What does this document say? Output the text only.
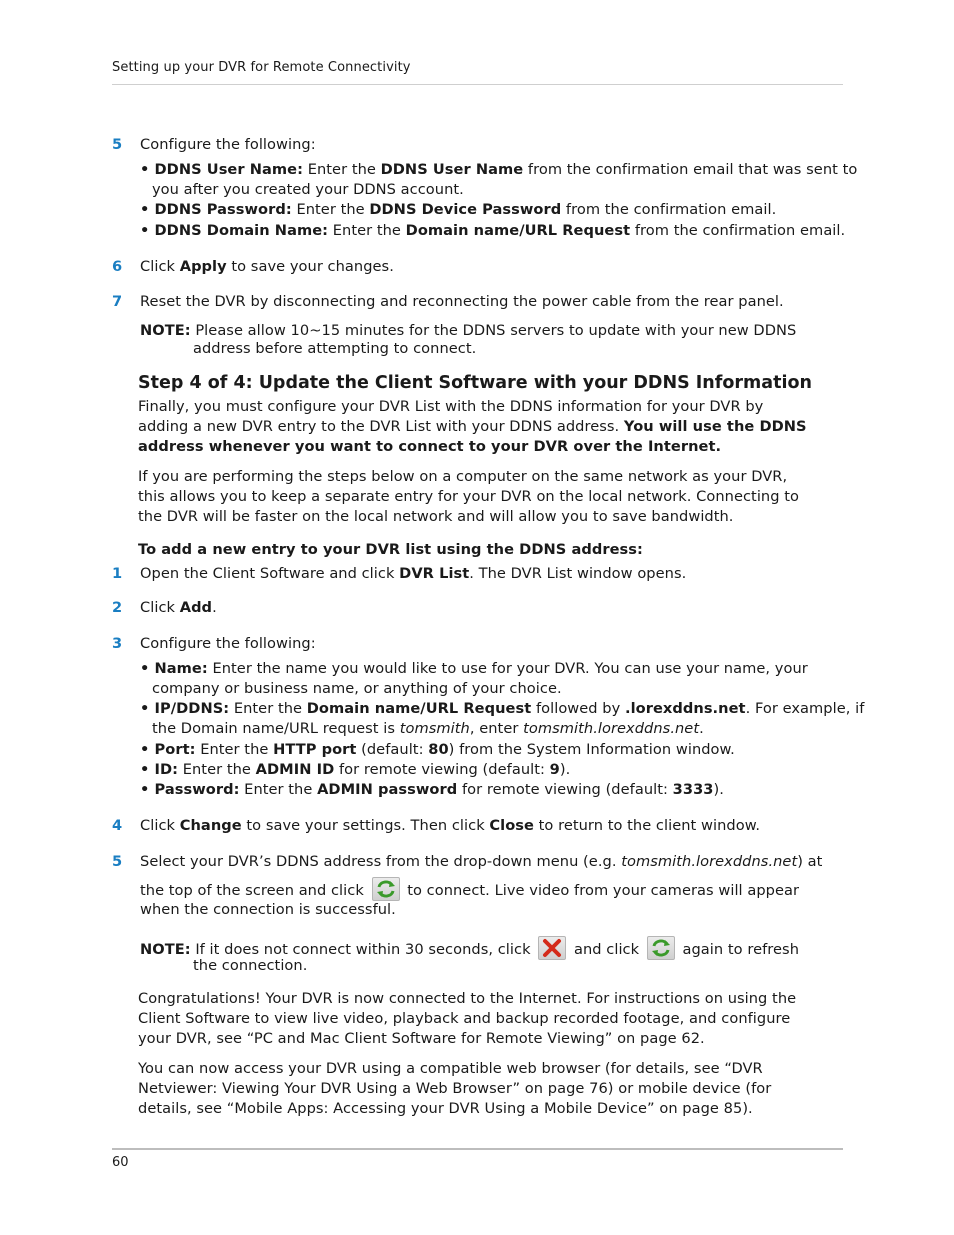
Setting up your DVR for Remote Connectivity
5 Configure the following:
• DDNS User Name: Enter the DDNS User Name from the confirmation email that was sent to
you after you created your DDNS account.
• DDNS Password: Enter the DDNS Device Password from the confirmation email.
• DDNS Domain Name: Enter the Domain name/URL Request from the confirmation email.
6 Click Apply to save your changes.
7 Reset the DVR by disconnecting and reconnecting the power cable from the rear panel.
NOTE: Please allow 10~15 minutes for the DDNS servers to update with your new DDNS
address before attempting to connect.
Step 4 of 4: Update the Client Software with your DDNS Information
Finally, you must configure your DVR List with the DDNS information for your DVR by
adding a new DVR entry to the DVR List with your DDNS address. You will use the DDNS
address whenever you want to connect to your DVR over the Internet.
If you are performing the steps below on a computer on the same network as your DVR,
this allows you to keep a separate entry for your DVR on the local network. Connecting to
the DVR will be faster on the local network and will allow you to save bandwidth.
To add a new entry to your DVR list using the DDNS address:
1 Open the Client Software and click DVR List. The DVR List window opens.
2 Click Add.
3 Configure the following:
• Name: Enter the name you would like to use for your DVR. You can use your name, your
company or business name, or anything of your choice.
• IP/DDNS: Enter the Domain name/URL Request followed by .lorexddns.net. For example, if
the Domain name/URL request is tomsmith, enter tomsmith.lorexddns.net.
• Port: Enter the HTTP port (default: 80) from the System Information window.
• ID: Enter the ADMIN ID for remote viewing (default: 9).
• Password: Enter the ADMIN password for remote viewing (default: 3333).
4 Click Change to save your settings. Then click Close to return to the client window.
5 Select your DVR’s DDNS address from the drop-down menu (e.g. tomsmith.lorexddns.net) at
the top of the screen and click
to connect. Live video from your cameras will appear
when the connection is successful.
NOTE: If it does not connect within 30 seconds, click
and click
again to refresh
the connection.
Congratulations! Your DVR is now connected to the Internet. For instructions on using the
Client Software to view live video, playback and backup recorded footage, and configure
your DVR, see “PC and Mac Client Software for Remote Viewing” on page 62.
You can now access your DVR using a compatible web browser (for details, see “DVR
Netviewer: Viewing Your DVR Using a Web Browser” on page 76) or mobile device (for
details, see “Mobile Apps: Accessing your DVR Using a Mobile Device” on page 85).
60
